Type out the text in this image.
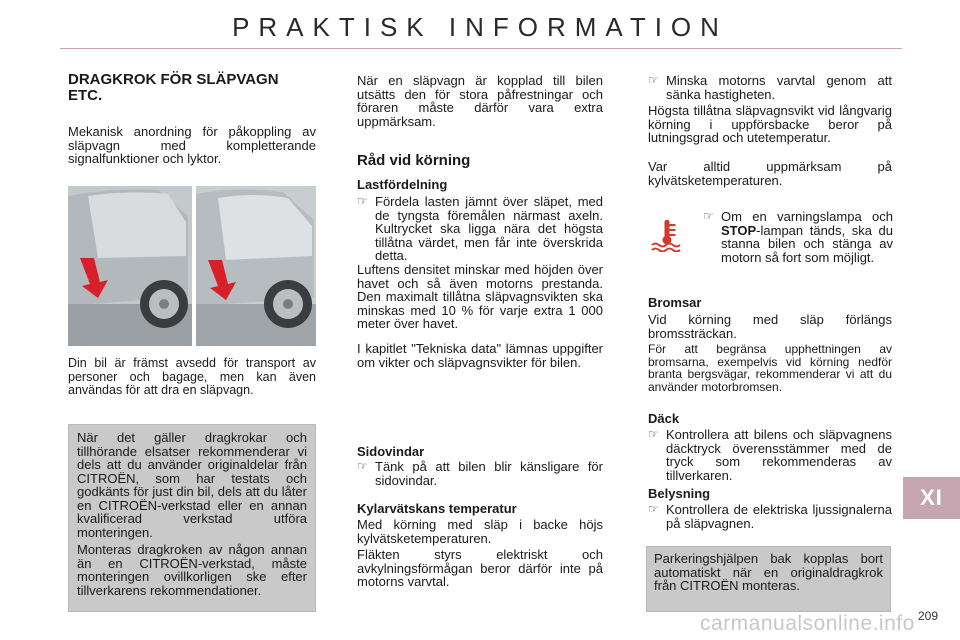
PRAKTISK INFORMATION
DRAGKROK FÖR SLÄPVAGN
ETC.
Mekanisk anordning för påkoppling av släpvagn med kompletterande signalfunktioner och lyktor.
Din bil är främst avsedd för transport av personer och bagage, men kan även användas för att dra en släpvagn.

När det gäller dragkrokar och tillhörande elsatser rekommenderar vi dels att du använder originaldelar från CITROËN, som har testats och godkänts för just din bil, dels att du låter en CITROËN-verkstad eller en annan kvalificerad verkstad utföra monteringen.

Monteras dragkroken av någon annan än en CITROËN-verkstad, måste monteringen ovillkorligen ske efter tillverkarens rekommendationer.

När en släpvagn är kopplad till bilen utsätts den för stora påfrestningar och föraren måste därför vara extra uppmärksam.
Råd vid körning
Lastfördelning
☞ Fördela lasten jämnt över släpet, med de tyngsta föremålen närmast axeln. Kultrycket ska ligga nära det högsta tillåtna värdet, men får inte överskrida detta.
Luftens densitet minskar med höjden över havet och så även motorns prestanda. Den maximalt tillåtna släpvagnsvikten ska minskas med 10 % för varje extra 1 000 meter över havet.
I kapitlet "Tekniska data" lämnas uppgifter om vikter och släpvagnsvikter för bilen.
Sidovindar
☞ Tänk på att bilen blir känsligare för sidovindar.
Kylarvätskans temperatur
Med körning med släp i backe höjs kylvätsketemperaturen.
Fläkten styrs elektriskt och avkylningsförmågan beror därför inte på motorns varvtal.
☞ Minska motorns varvtal genom att sänka hastigheten.
Högsta tillåtna släpvagnsvikt vid långvarig körning i uppförsbacke beror på lutningsgrad och utetemperatur.
Var alltid uppmärksam på kylvätsketemperaturen.
☞ Om en varningslampa och STOP-lampan tänds, ska du stanna bilen och stänga av motorn så fort som möjligt.
Bromsar
Vid körning med släp förlängs bromssträckan.
För att begränsa upphettningen av bromsarna, exempelvis vid körning nedför branta bergsvägar, rekommenderar vi att du använder motorbromsen.
Däck
☞ Kontrollera att bilens och släpvagnens däcktryck överensstämmer med de tryck som rekommenderas av tillverkaren.
Belysning
☞ Kontrollera de elektriska ljussignalerna på släpvagnen.
Parkeringshjälpen bak kopplas bort automatiskt när en originaldragkrok från CITROËN monteras.
XI
carmanualsonline.info 209
